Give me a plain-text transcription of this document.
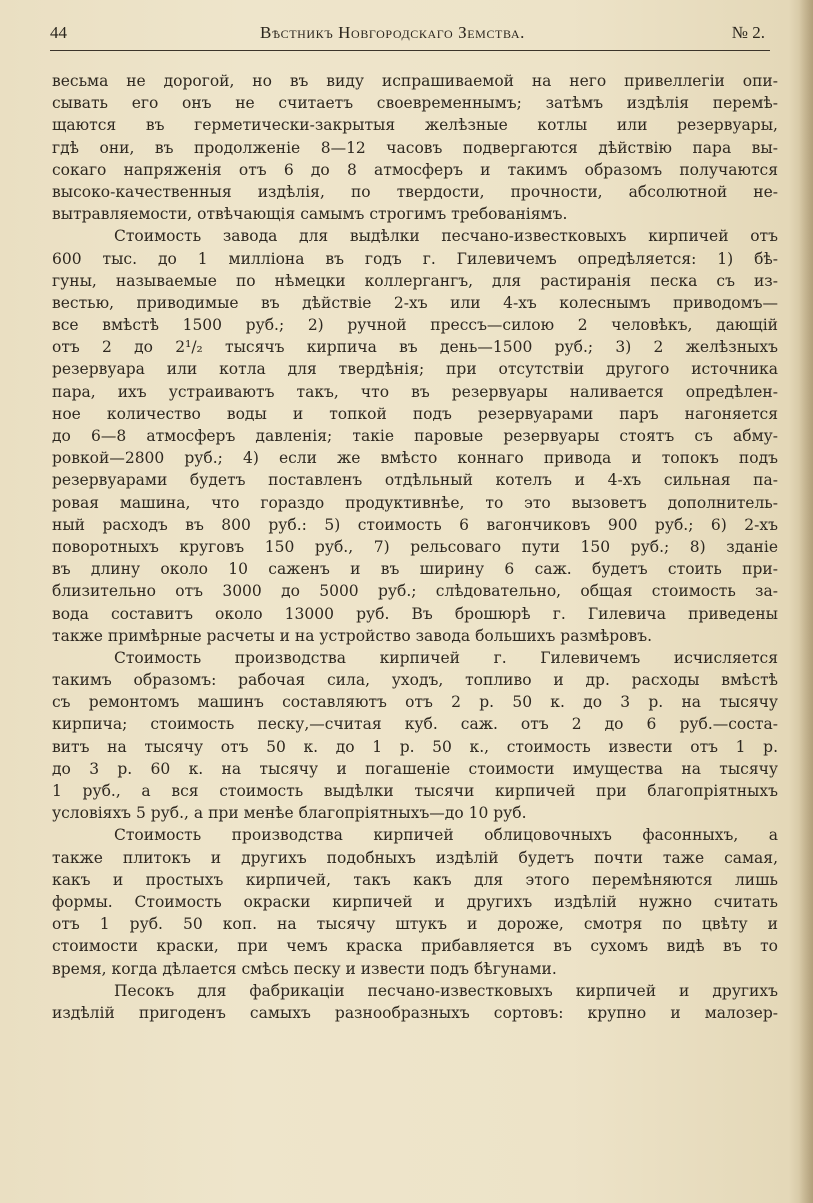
44	Вѣстникъ Новгородскаго Земства.	№ 2.
весьма не дорогой, но въ виду испрашиваемой на него привеллегіи опи-
сывать его онъ не считаетъ своевременнымъ; затѣмъ издѣлія перемѣ-
щаются въ герметически-закрытыя желѣзные котлы или резервуары,
гдѣ они, въ продолженіе 8—12 часовъ подвергаются дѣйствію пара вы-
сокаго напряженія отъ 6 до 8 атмосферъ и такимъ образомъ получаются
высоко-качественныя издѣлія, по твердости, прочности, абсолютной не-
вытравляемости, отвѣчающія самымъ строгимъ требованіямъ.
Стоимость завода для выдѣлки песчано-известковыхъ кирпичей отъ
600 тыс. до 1 милліона въ годъ г. Гилевичемъ опредѣляется: 1) бѣ-
гуны, называемые по нѣмецки коллергангъ, для растиранія песка съ из-
вестью, приводимые въ дѣйствіе 2-хъ или 4-хъ колеснымъ приводомъ—
все вмѣстѣ 1500 руб.; 2) ручной прессъ—силою 2 человѣкъ, дающій
отъ 2 до 2¹/₂ тысячъ кирпича въ день—1500 руб.; 3) 2 желѣзныхъ
резервуара или котла для твердѣнія; при отсутствіи другого источника
пара, ихъ устраиваютъ такъ, что въ резервуары наливается опредѣлен-
ное количество воды и топкой подъ резервуарами паръ нагоняется
до 6—8 атмосферъ давленія; такіе паровые резервуары стоятъ съ абму-
ровкой—2800 руб.; 4) если же вмѣсто коннаго привода и топокъ подъ
резервуарами будетъ поставленъ отдѣльный котелъ и 4-хъ сильная па-
ровая машина, что гораздо продуктивнѣе, то это вызоветъ дополнитель-
ный расходъ въ 800 руб.: 5) стоимость 6 вагончиковъ 900 руб.; 6) 2-хъ
поворотныхъ круговъ 150 руб., 7) рельсоваго пути 150 руб.; 8) зданіе
въ длину около 10 саженъ и въ ширину 6 саж. будетъ стоить при-
близительно отъ 3000 до 5000 руб.; слѣдовательно, общая стоимость за-
вода составитъ около 13000 руб. Въ брошюрѣ г. Гилевича приведены
также примѣрные расчеты и на устройство завода большихъ размѣровъ.
Стоимость производства кирпичей г. Гилевичемъ исчисляется
такимъ образомъ: рабочая сила, уходъ, топливо и др. расходы вмѣстѣ
съ ремонтомъ машинъ составляютъ отъ 2 р. 50 к. до 3 р. на тысячу
кирпича; стоимость песку,—считая куб. саж. отъ 2 до 6 руб.—соста-
витъ на тысячу отъ 50 к. до 1 р. 50 к., стоимость извести отъ 1 р.
до 3 р. 60 к. на тысячу и погашеніе стоимости имущества на тысячу
1 руб., а вся стоимость выдѣлки тысячи кирпичей при благопріятныхъ
условіяхъ 5 руб., а при менѣе благопріятныхъ—до 10 руб.
Стоимость производства кирпичей облицовочныхъ фасонныхъ, а
также плитокъ и другихъ подобныхъ издѣлій будетъ почти таже самая,
какъ и простыхъ кирпичей, такъ какъ для этого перемѣняются лишь
формы. Стоимость окраски кирпичей и другихъ издѣлій нужно считать
отъ 1 руб. 50 коп. на тысячу штукъ и дороже, смотря по цвѣту и
стоимости краски, при чемъ краска прибавляется въ сухомъ видѣ въ то
время, когда дѣлается смѣсь песку и извести подъ бѣгунами.
Песокъ для фабрикаціи песчано-известковыхъ кирпичей и другихъ
издѣлій пригоденъ самыхъ разнообразныхъ сортовъ: крупно и малозер-
